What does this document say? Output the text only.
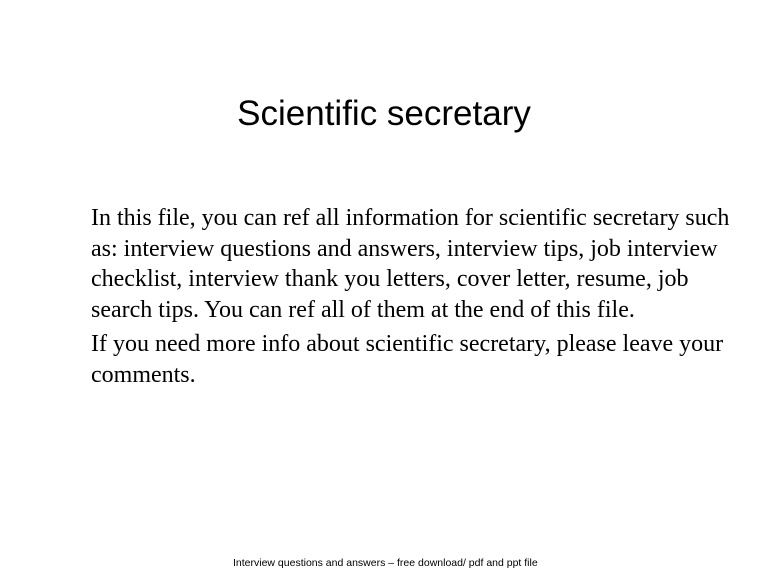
Scientific secretary

In this file, you can ref all information for scientific secretary such as: interview questions and answers, interview tips, job interview checklist, interview thank you letters, cover letter, resume, job search tips. You can ref all of them at the end of this file.

If you need more info about scientific secretary, please leave your comments.

Interview questions and answers – free download/ pdf and ppt file
